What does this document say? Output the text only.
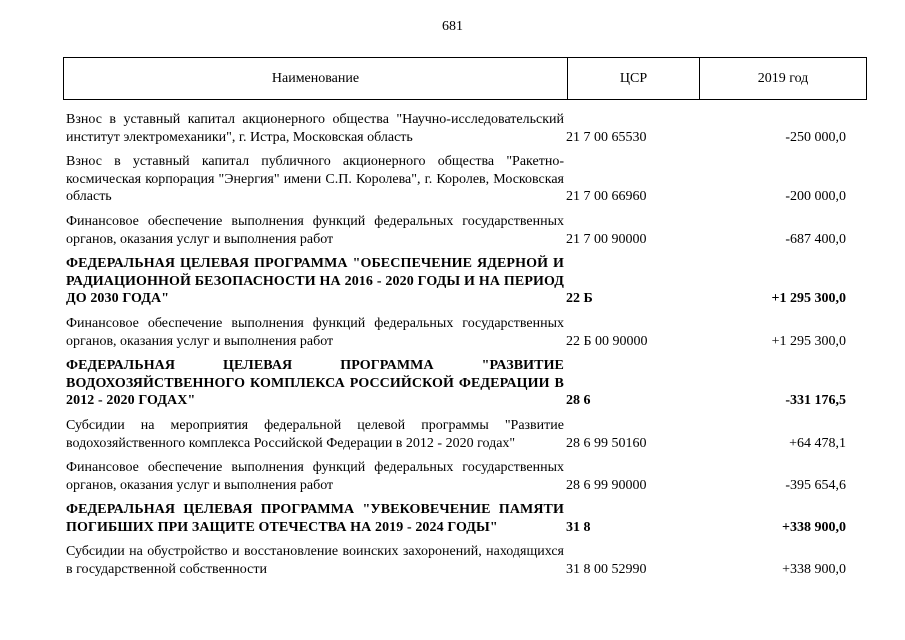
681
Наименование	ЦСР	2019 год
Взнос в уставный капитал акционерного общества "Научно-исследовательский институт электромеханики", г. Истра, Московская область	21 7 00 65530	-250 000,0
Взнос в уставный капитал публичного акционерного общества "Ракетно-космическая корпорация "Энергия" имени С.П. Королева", г. Королев, Московская область	21 7 00 66960	-200 000,0
Финансовое обеспечение выполнения функций федеральных государственных органов, оказания услуг и выполнения работ	21 7 00 90000	-687 400,0
ФЕДЕРАЛЬНАЯ ЦЕЛЕВАЯ ПРОГРАММА "ОБЕСПЕЧЕНИЕ ЯДЕРНОЙ И РАДИАЦИОННОЙ БЕЗОПАСНОСТИ НА 2016 - 2020 ГОДЫ И НА ПЕРИОД ДО 2030 ГОДА"	22 Б	+1 295 300,0
Финансовое обеспечение выполнения функций федеральных государственных органов, оказания услуг и выполнения работ	22 Б 00 90000	+1 295 300,0
ФЕДЕРАЛЬНАЯ ЦЕЛЕВАЯ ПРОГРАММА "РАЗВИТИЕ ВОДОХОЗЯЙСТВЕННОГО КОМПЛЕКСА РОССИЙСКОЙ ФЕДЕРАЦИИ В 2012 - 2020 ГОДАХ"	28 6	-331 176,5
Субсидии на мероприятия федеральной целевой программы "Развитие водохозяйственного комплекса Российской Федерации в 2012 - 2020 годах"	28 6 99 50160	+64 478,1
Финансовое обеспечение выполнения функций федеральных государственных органов, оказания услуг и выполнения работ	28 6 99 90000	-395 654,6
ФЕДЕРАЛЬНАЯ ЦЕЛЕВАЯ ПРОГРАММА "УВЕКОВЕЧЕНИЕ ПАМЯТИ ПОГИБШИХ ПРИ ЗАЩИТЕ ОТЕЧЕСТВА НА 2019 - 2024 ГОДЫ"	31 8	+338 900,0
Субсидии на обустройство и восстановление воинских захоронений, находящихся в государственной собственности	31 8 00 52990	+338 900,0
